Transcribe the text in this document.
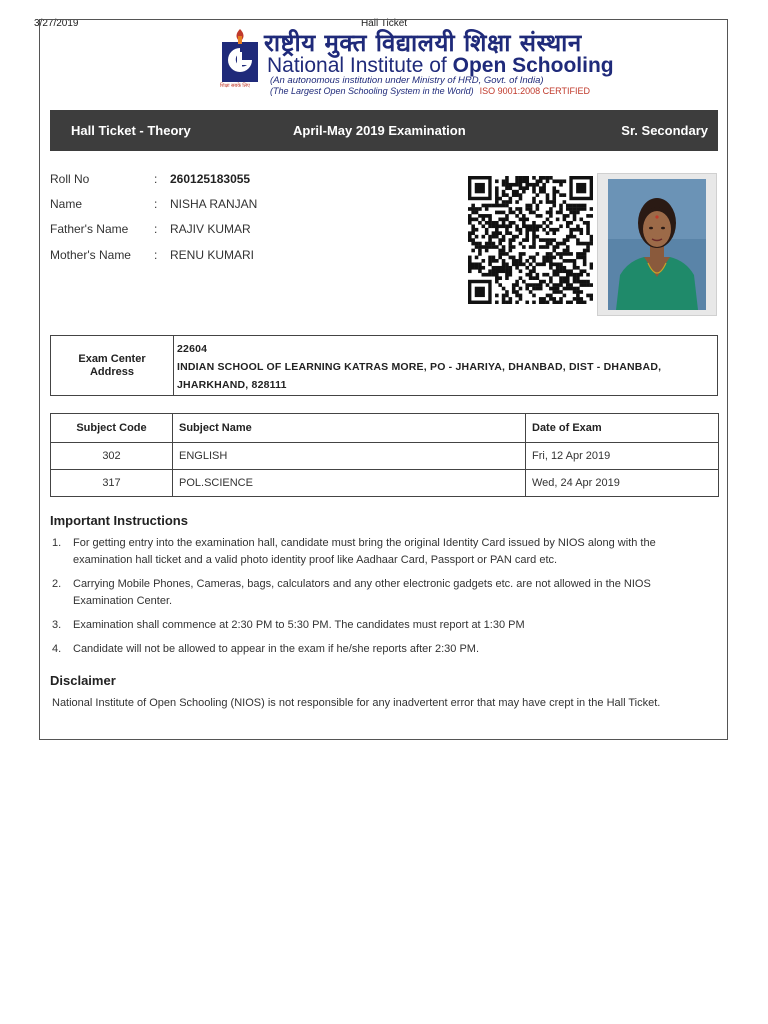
3/27/2019	Hall Ticket
शिक्षा सबके लिए
राष्ट्रीय मुक्त विद्यालयी शिक्षा संस्थान
National Institute of Open Schooling
(An autonomous institution under Ministry of HRD, Govt. of India)
(The Largest Open Schooling System in the World) ISO 9001:2008 CERTIFIED
Hall Ticket - Theory	April-May 2019 Examination	Sr. Secondary
Roll No	: 260125183055
Name	: NISHA RANJAN
Father's Name	: RAJIV KUMAR
Mother's Name	: RENU KUMARI
Exam Center Address
22604
INDIAN SCHOOL OF LEARNING KATRAS MORE, PO - JHARIYA, DHANBAD, DIST - DHANBAD, JHARKHAND, 828111
Subject Code	Subject Name	Date of Exam
302	ENGLISH	Fri, 12 Apr 2019
317	POL.SCIENCE	Wed, 24 Apr 2019
Important Instructions
1. For getting entry into the examination hall, candidate must bring the original Identity Card issued by NIOS along with the examination hall ticket and a valid photo identity proof like Aadhaar Card, Passport or PAN card etc.
2. Carrying Mobile Phones, Cameras, bags, calculators and any other electronic gadgets etc. are not allowed in the NIOS Examination Center.
3. Examination shall commence at 2:30 PM to 5:30 PM. The candidates must report at 1:30 PM
4. Candidate will not be allowed to appear in the exam if he/she reports after 2:30 PM.
Disclaimer
National Institute of Open Schooling (NIOS) is not responsible for any inadvertent error that may have crept in the Hall Ticket.
